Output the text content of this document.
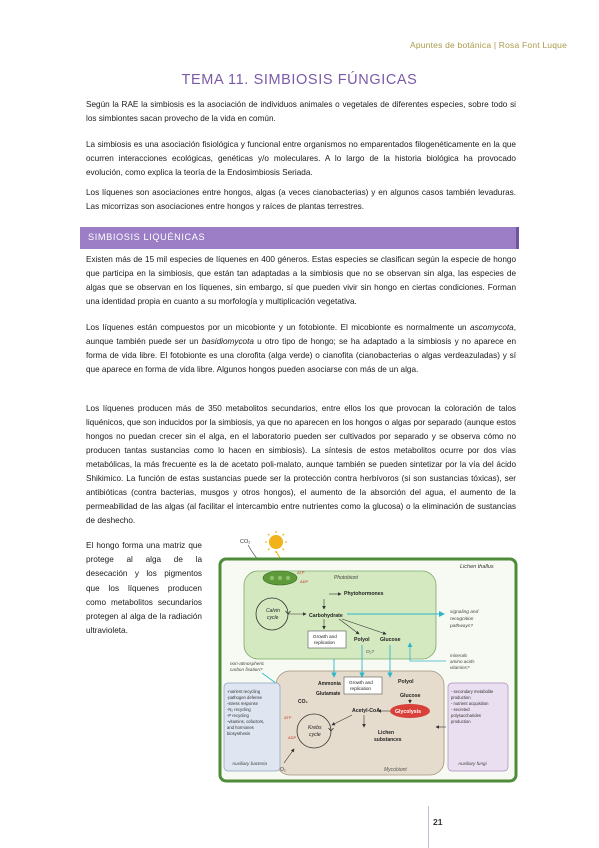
Apuntes de botánica | Rosa Font Luque
TEMA 11. SIMBIOSIS FÚNGICAS

Según la RAE la simbiosis es la asociación de individuos animales o vegetales de diferentes especies, sobre todo si los simbiontes sacan provecho de la vida en común.

La simbiosis es una asociación fisiológica y funcional entre organismos no emparentados filogenéticamente en la que ocurren interacciones ecológicas, genéticas y/o moleculares. A lo largo de la historia biológica ha provocado evolución, como explica la teoría de la Endosimbiosis Seriada.

Los líquenes son asociaciones entre hongos, algas (a veces cianobacterias) y en algunos casos también levaduras. Las micorrizas son asociaciones entre hongos y raíces de plantas terrestres.

SIMBIOSIS LIQUÉNICAS

Existen más de 15 mil especies de líquenes en 400 géneros. Estas especies se clasifican según la especie de hongo que participa en la simbiosis, que están tan adaptadas a la simbiosis que no se observan sin alga, las especies de algas que se observan en los líquenes, sin embargo, sí que pueden vivir sin hongo en ciertas condiciones. Forman una identidad propia en cuanto a su morfología y multiplicación vegetativa.

Los líquenes están compuestos por un micobionte y un fotobionte. El micobionte es normalmente un ascomycota, aunque también puede ser un basidiomycota u otro tipo de hongo; se ha adaptado a la simbiosis y no aparece en forma de vida libre. El fotobionte es una clorofita (alga verde) o cianofita (cianobacterias o algas verdeazuladas) y sí que aparece en forma de vida libre. Algunos hongos pueden asociarse con más de un alga.

Los líquenes producen más de 350 metabolitos secundarios, entre ellos los que provocan la coloración de talos liquénicos, que son inducidos por la simbiosis, ya que no aparecen en los hongos o algas por separado (aunque estos hongos no puedan crecer sin el alga, en el laboratorio pueden ser cultivados por separado y se observa cómo no producen tantas sustancias como lo hacen en simbiosis). La síntesis de estos metabolitos ocurre por dos vías metabólicas, la más frecuente es la de acetato poli-malato, aunque también se pueden sintetizar por la vía del ácido Shikimico. La función de estas sustancias puede ser la protección contra herbívoros (si son sustancias tóxicas), ser antibióticas (contra bacterias, musgos y otros hongos), el aumento de la absorción del agua, el aumento de la permeabilidad de las algas (al facilitar el intercambio entre nutrientes como la glucosa) o la eliminación de sustancias de deshecho.

El hongo forma una matriz que protege al alga de la desecación y los pigmentos que los líquenes producen como metabolitos secundarios protegen al alga de la radiación ultravioleta.

CO₂
Lichen thallus
Photobiont
ATP
ADP
Calvin
cycle
Phytohormones
Carbohydrate
signaling and
recognition
pathways?
Growth and
replication	Polyol Glucose
O₂?
non-atmospheric
carbon fixation?
minerals
amino acids
vitamins?
Mycobiont
Ammonia Growth and
replication
Polyol
Glutamate	Glucose
CO₂
Glycolysis
Acetyl-CoA
Krebs
cycle
ATP
ADP
Lichen
substances
-nutrient recycling
-pathogen defense
-stress response
-N₂ recycling
-P recycling
-vitamins, cofactors,
and hormones
biosynthesis
Auxiliary bacteria
- secondary metabolite
production
- nutrient acquisition
- secreted
polysaccharides
production
Auxiliary fungi
O₂
21
